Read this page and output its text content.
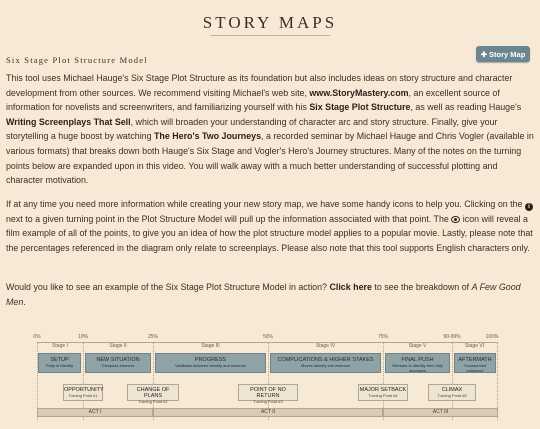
STORY MAPS
Six Stage Plot Structure Model
✚ Story Map

This tool uses Michael Hauge's Six Stage Plot Structure as its foundation but also includes ideas on story structure and character development from other sources. We recommend visiting Michael's web site, www.StoryMastery.com, an excellent source of information for novelists and screenwriters, and familiarizing yourself with his Six Stage Plot Structure, as well as reading Hauge's Writing Screenplays That Sell, which will broaden your understanding of character arc and story structure. Finally, give your storytelling a huge boost by watching The Hero's Two Journeys, a recorded seminar by Michael Hauge and Chris Vogler (available in various formats) that breaks down both Hauge's Six Stage and Vogler's Hero's Journey structures. Many of the notes on the turning points below are expanded upon in this video. You will walk away with a much better understanding of successful plotting and character motivation.

If at any time you need more information while creating your new story map, we have some handy icons to help you. Clicking on the i next to a given turning point in the Plot Structure Model will pull up the information associated with that point. The  icon will reveal a film example of all of the points, to give you an idea of how the plot structure model applies to a popular movie. Lastly, please note that the percentages referenced in the diagram only relate to screenplays. Please also note that this tool supports English characters only.

Would you like to see an example of the Six Stage Plot Structure Model in action? Click here to see the breakdown of A Few Good Men.

0%	10%	25%	50%	75%	90-99%	100%
Stage I	Stage II	Stage III	Stage IV	Stage V	Stage VI
SETUP
Putty in Identity
NEW SITUATION
Glimpses essence
PROGRESS
Vacillates between identity and essence
COMPLICATIONS & HIGHER STAKES
Moves identity into essence
FINAL PUSH
Retreats to identity then fully accesses
AFTERMATH
Transformed existence
OPPORTUNITY
Turning Point #1
CHANGE OF PLANS
Turning Point #2
POINT OF NO RETURN
Turning Point #3
MAJOR SETBACK
Turning Point #4
CLIMAX
Turning Point #5
ACT I	ACT II	ACT III
